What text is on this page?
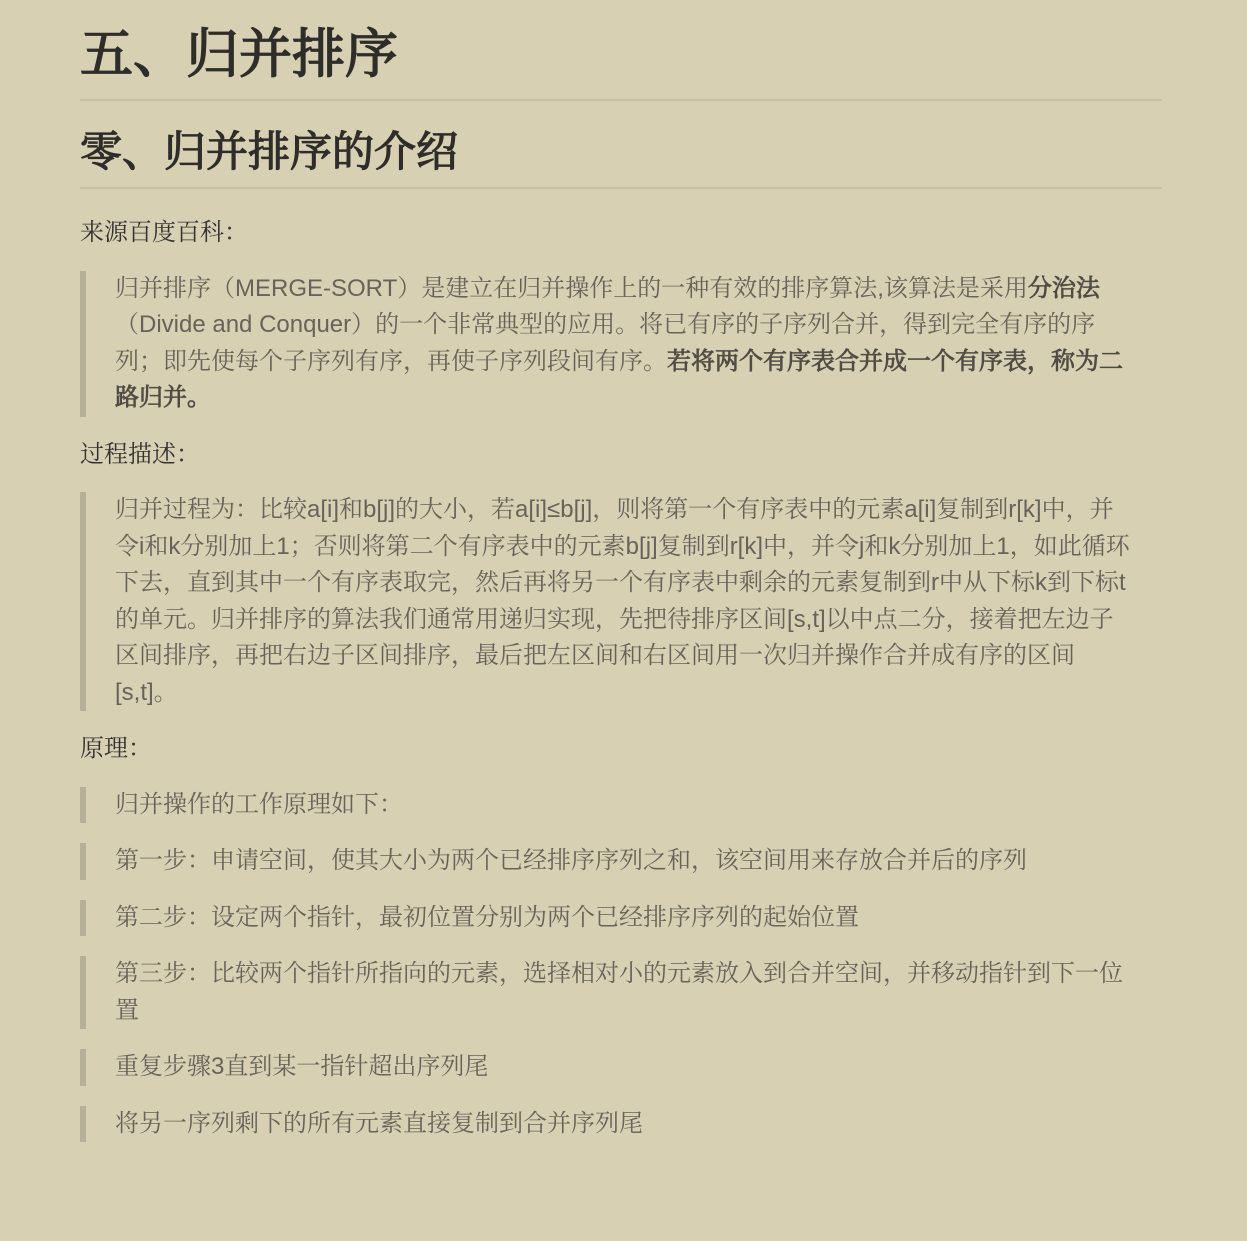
五、归并排序
零、归并排序的介绍

来源百度百科：

归并排序（MERGE-SORT）是建立在归并操作上的一种有效的排序算法,该算法是采用分治法（Divide and Conquer）的一个非常典型的应用。将已有序的子序列合并，得到完全有序的序列；即先使每个子序列有序，再使子序列段间有序。若将两个有序表合并成一个有序表，称为二路归并。

过程描述：

归并过程为：比较a[i]和b[j]的大小，若a[i]≤b[j]，则将第一个有序表中的元素a[i]复制到r[k]中，并令i和k分别加上1；否则将第二个有序表中的元素b[j]复制到r[k]中，并令j和k分别加上1，如此循环下去，直到其中一个有序表取完，然后再将另一个有序表中剩余的元素复制到r中从下标k到下标t的单元。归并排序的算法我们通常用递归实现，先把待排序区间[s,t]以中点二分，接着把左边子区间排序，再把右边子区间排序，最后把左区间和右区间用一次归并操作合并成有序的区间[s,t]。

原理：

归并操作的工作原理如下：
第一步：申请空间，使其大小为两个已经排序序列之和，该空间用来存放合并后的序列
第二步：设定两个指针，最初位置分别为两个已经排序序列的起始位置
第三步：比较两个指针所指向的元素，选择相对小的元素放入到合并空间，并移动指针到下一位置
重复步骤3直到某一指针超出序列尾
将另一序列剩下的所有元素直接复制到合并序列尾
